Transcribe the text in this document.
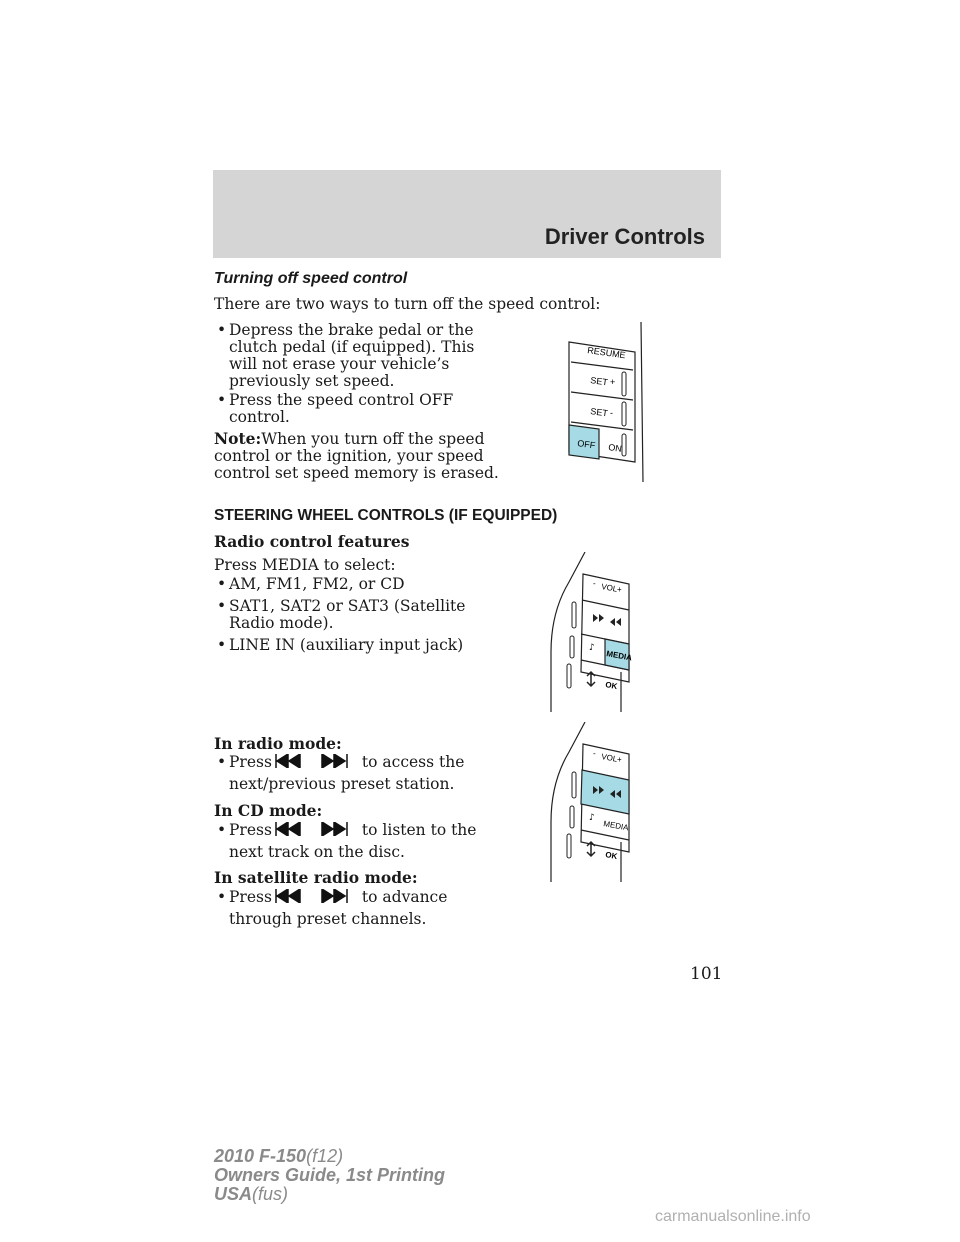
Driver Controls
Turning off speed control
There are two ways to turn off the speed control:
• Depress the brake pedal or the
clutch pedal (if equipped). This
will not erase your vehicle’s
previously set speed.
• Press the speed control OFF
control.
Note:When you turn off the speed
control or the ignition, your speed
control set speed memory is erased.
RESUME
SET +
SET -
OFF ON
STEERING WHEEL CONTROLS (IF EQUIPPED)
Radio control features
Press MEDIA to select:
• AM, FM1, FM2, or CD
• SAT1, SAT2 or SAT3 (Satellite
Radio mode).
• LINE IN (auxiliary input jack)
- VOL +
♪
MEDIA
OK
In radio mode:
• Press	to access the
next/previous preset station.
In CD mode:
• Press	to listen to the
next track on the disc.
In satellite radio mode:
• Press	to advance
through preset channels.
- VOL +
♪
MEDIA
OK
101
2010 F-150(f12)
Owners Guide, 1st Printing
USA(fus)
carmanualsonline.info
